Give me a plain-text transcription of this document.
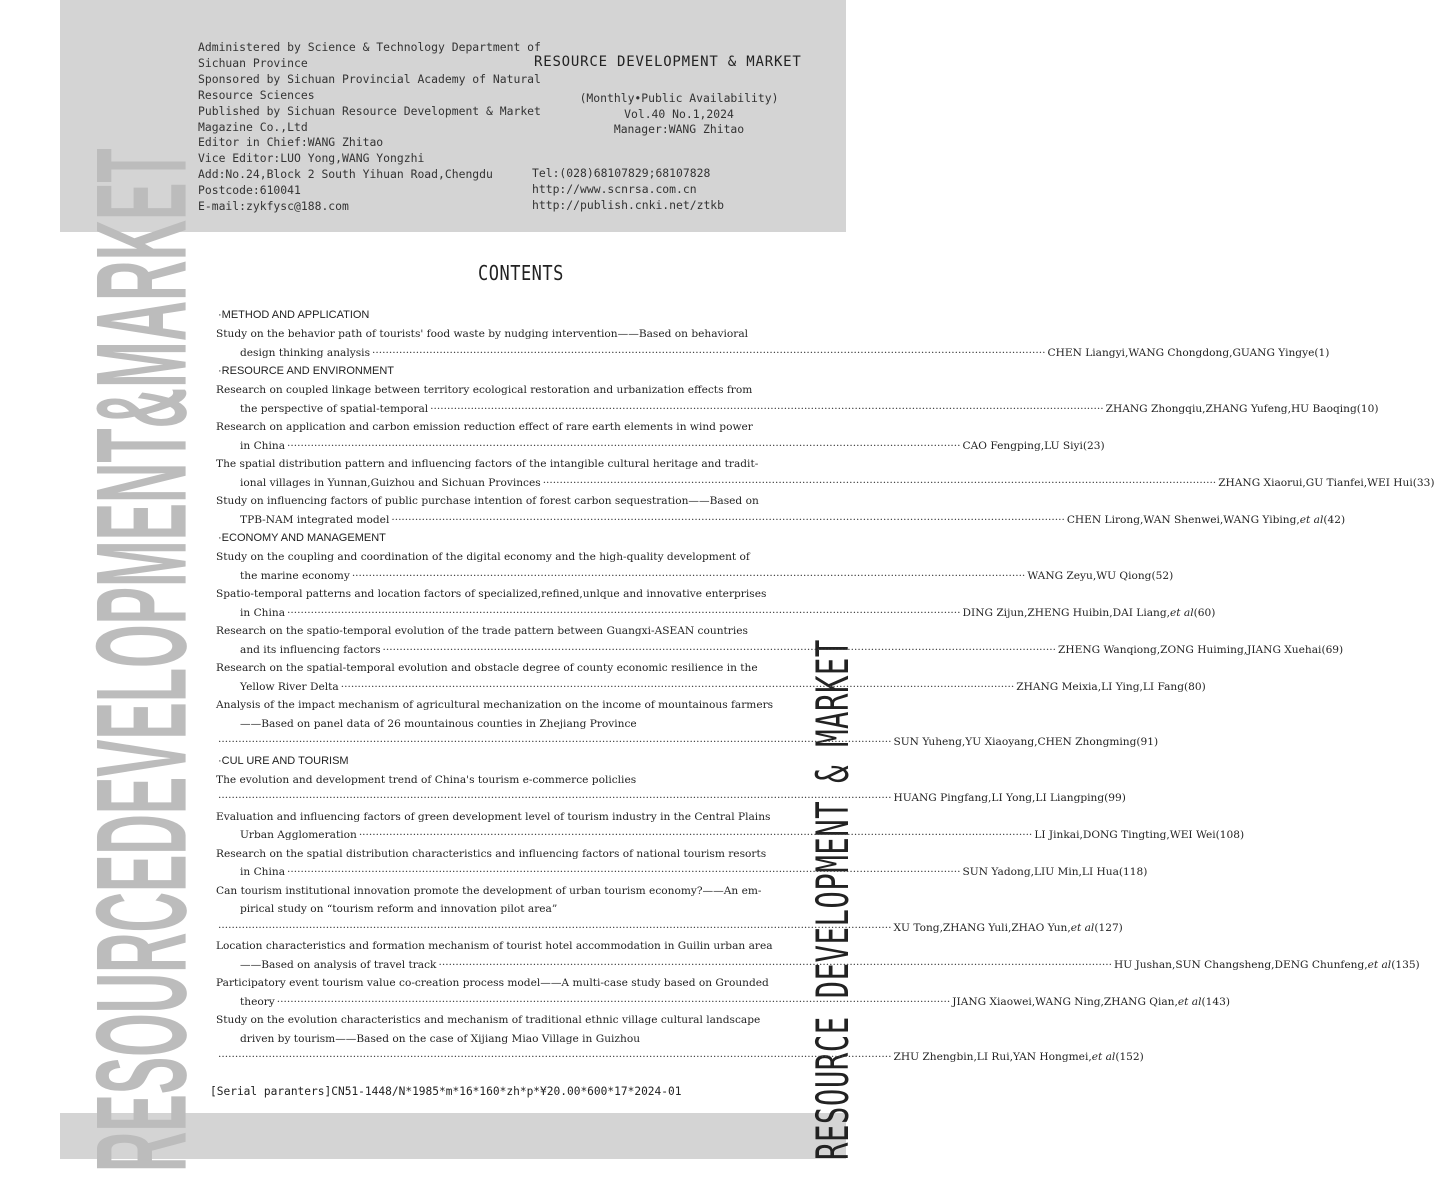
RESOURCEDEVELOPMENT&MARKET	RESOURCE DEVELOPMENT & MARKET
Administered by Science & Technology Department of
Sichuan Province
Sponsored by Sichuan Provincial Academy of Natural
Resource Sciences
Published by Sichuan Resource Development & Market
Magazine Co.,Ltd
Editor in Chief:WANG Zhitao
Vice Editor:LUO Yong,WANG Yongzhi
Add:No.24,Block 2 South Yihuan Road,Chengdu
Postcode:610041
E-mail:zykfysc@188.com
RESOURCE DEVELOPMENT & MARKET
(Monthly•Public Availability)
Vol.40 No.1,2024
Manager:WANG Zhitao
Tel:(028)68107829;68107828
http://www.scnrsa.com.cn
http://publish.cnki.net/ztkb
CONTENTS
·METHOD AND APPLICATION
Study on the behavior path of tourists' food waste by nudging intervention——Based on behavioral
design thinking analysis ········································································································································································································ CHEN Liangyi,WANG Chongdong,GUANG Yingye (1)
·RESOURCE AND ENVIRONMENT
Research on coupled linkage between territory ecological restoration and urbanization effects from
the perspective of spatial-temporal ········································································································································································································ ZHANG Zhongqiu,ZHANG Yufeng,HU Baoqing (10)
Research on application and carbon emission reduction effect of rare earth elements in wind power
in China ········································································································································································································ CAO Fengping,LU Siyi (23)
The spatial distribution pattern and influencing factors of the intangible cultural heritage and tradit-
ional villages in Yunnan,Guizhou and Sichuan Provinces ········································································································································································································ ZHANG Xiaorui,GU Tianfei,WEI Hui (33)
Study on influencing factors of public purchase intention of forest carbon sequestration——Based on
TPB-NAM integrated model ········································································································································································································ CHEN Lirong,WAN Shenwei,WANG Yibing,et al (42)
·ECONOMY AND MANAGEMENT
Study on the coupling and coordination of the digital economy and the high-quality development of
the marine economy ········································································································································································································ WANG Zeyu,WU Qiong (52)
Spatio-temporal patterns and location factors of specialized,refined,unlque and innovative enterprises
in China ········································································································································································································ DING Zijun,ZHENG Huibin,DAI Liang,et al (60)
Research on the spatio-temporal evolution of the trade pattern between Guangxi-ASEAN countries
and its influencing factors ········································································································································································································ ZHENG Wanqiong,ZONG Huiming,JIANG Xuehai (69)
Research on the spatial-temporal evolution and obstacle degree of county economic resilience in the
Yellow River Delta ········································································································································································································ ZHANG Meixia,LI Ying,LI Fang (80)
Analysis of the impact mechanism of agricultural mechanization on the income of mountainous farmers
——Based on panel data of 26 mountainous counties in Zhejiang Province
········································································································································································································ SUN Yuheng,YU Xiaoyang,CHEN Zhongming (91)
·CUL URE AND TOURISM
The evolution and development trend of China's tourism e-commerce policlies
········································································································································································································ HUANG Pingfang,LI Yong,LI Liangping (99)
Evaluation and influencing factors of green development level of tourism industry in the Central Plains
Urban Agglomeration ········································································································································································································ LI Jinkai,DONG Tingting,WEI Wei (108)
Research on the spatial distribution characteristics and influencing factors of national tourism resorts
in China ········································································································································································································ SUN Yadong,LIU Min,LI Hua (118)
Can tourism institutional innovation promote the development of urban tourism economy?——An em-
pirical study on “tourism reform and innovation pilot area”
········································································································································································································ XU Tong,ZHANG Yuli,ZHAO Yun,et al (127)
Location characteristics and formation mechanism of tourist hotel accommodation in Guilin urban area
——Based on analysis of travel track ········································································································································································································ HU Jushan,SUN Changsheng,DENG Chunfeng,et al (135)
Participatory event tourism value co-creation process model——A multi-case study based on Grounded
theory ········································································································································································································ JIANG Xiaowei,WANG Ning,ZHANG Qian,et al (143)
Study on the evolution characteristics and mechanism of traditional ethnic village cultural landscape
driven by tourism——Based on the case of Xijiang Miao Village in Guizhou
········································································································································································································ ZHU Zhengbin,LI Rui,YAN Hongmei,et al (152)
[Serial paranters]CN51-1448/N*1985*m*16*160*zh*p*¥20.00*600*17*2024-01
